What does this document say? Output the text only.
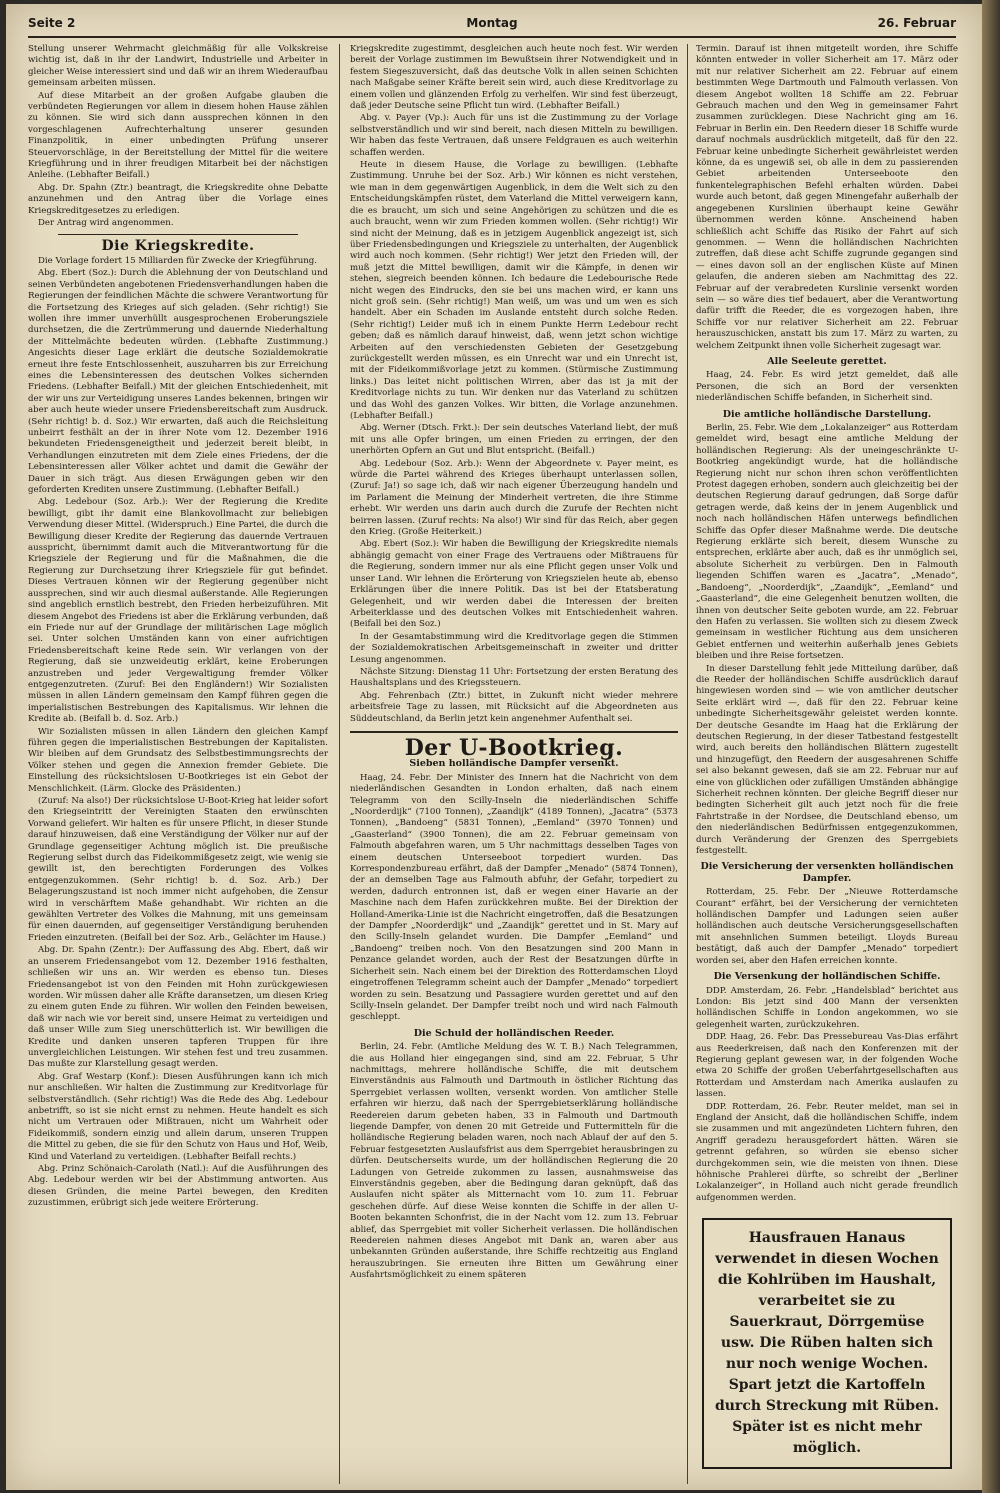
Seite 2	Montag	26. Februar

Stellung unserer Wehrmacht gleichmäßig für alle Volkskreise wichtig ist, daß in ihr der Landwirt, Industrielle und Arbeiter in gleicher Weise interessiert sind und daß wir an ihrem Wiederaufbau gemeinsam arbeiten müssen.

Auf diese Mitarbeit an der großen Aufgabe glauben die verbündeten Regierungen vor allem in diesem hohen Hause zählen zu können. Sie wird sich dann aussprechen können in den vorgeschlagenen Aufrechterhaltung unserer gesunden Finanzpolitik, in einer unbedingten Prüfung unserer Steuervorschläge, in der Bereitstellung der Mittel für die weitere Kriegführung und in ihrer freudigen Mitarbeit bei der nächstigen Anleihe. (Lebhafter Beifall.)

Abg. Dr. Spahn (Ztr.) beantragt, die Kriegskredite ohne Debatte anzunehmen und den Antrag über die Vorlage eines Kriegskreditgesetzes zu erledigen.

Der Antrag wird angenommen.

Die Kriegskredite.

Die Vorlage fordert 15 Milliarden für Zwecke der Kriegführung.

Abg. Ebert (Soz.): Durch die Ablehnung der von Deutschland und seinen Verbündeten angebotenen Friedensverhandlungen haben die Regierungen der feindlichen Mächte die schwere Verantwortung für die Fortsetzung des Krieges auf sich geladen. (Sehr richtig!) Sie wollen ihre immer unverhüllt ausgesprochenen Eroberungsziele durchsetzen, die die Zertrümmerung und dauernde Niederhaltung der Mittelmächte bedeuten würden. (Lebhafte Zustimmung.) Angesichts dieser Lage erklärt die deutsche Sozialdemokratie erneut ihre feste Entschlossenheit, auszuharren bis zur Erreichung eines die Lebensinteressen des deutschen Volkes sichernden Friedens. (Lebhafter Beifall.) Mit der gleichen Entschiedenheit, mit der wir uns zur Verteidigung unseres Landes bekennen, bringen wir aber auch heute wieder unsere Friedensbereitschaft zum Ausdruck. (Sehr richtig! b. d. Soz.) Wir erwarten, daß auch die Reichsleitung unbeirrt festhält an der in ihrer Note vom 12. Dezember 1916 bekundeten Friedensgeneigtheit und jederzeit bereit bleibt, in Verhandlungen einzutreten mit dem Ziele eines Friedens, der die Lebensinteressen aller Völker achtet und damit die Gewähr der Dauer in sich trägt. Aus diesen Erwägungen geben wir den geforderten Krediten unsere Zustimmung. (Lebhafter Beifall.)

Abg. Ledebour (Soz. Arb.): Wer der Regierung die Kredite bewilligt, gibt ihr damit eine Blankovollmacht zur beliebigen Verwendung dieser Mittel. (Widerspruch.) Eine Partei, die durch die Bewilligung dieser Kredite der Regierung das dauernde Vertrauen ausspricht, übernimmt damit auch die Mitverantwortung für die Kriegsziele der Regierung und für die Maßnahmen, die die Regierung zur Durchsetzung ihrer Kriegsziele für gut befindet. Dieses Vertrauen können wir der Regierung gegenüber nicht aussprechen, sind wir auch diesmal außerstande. Alle Regierungen sind angeblich ernstlich bestrebt, den Frieden herbeizuführen. Mit diesem Angebot des Friedens ist aber die Erklärung verbunden, daß ein Friede nur auf der Grundlage der militärischen Lage möglich sei. Unter solchen Umständen kann von einer aufrichtigen Friedensbereitschaft keine Rede sein. Wir verlangen von der Regierung, daß sie unzweideutig erklärt, keine Eroberungen anzustreben und jeder Vergewaltigung fremder Völker entgegenzutreten. (Zuruf: Bei den Engländern!) Wir Sozialisten müssen in allen Ländern gemeinsam den Kampf führen gegen die imperialistischen Bestrebungen des Kapitalismus. Wir lehnen die Kredite ab. (Beifall b. d. Soz. Arb.)

Wir Sozialisten müssen in allen Ländern den gleichen Kampf führen gegen die imperialistischen Bestrebungen der Kapitalisten. Wir bleiben auf dem Grundsatz des Selbstbestimmungsrechts der Völker stehen und gegen die Annexion fremder Gebiete. Die Einstellung des rücksichtslosen U-Bootkrieges ist ein Gebot der Menschlichkeit. (Lärm. Glocke des Präsidenten.)

(Zuruf: Na also!) Der rücksichtslose U-Boot-Krieg hat leider sofort den Kriegseintritt der Vereinigten Staaten den erwünschten Vorwand geliefert. Wir halten es für unsere Pflicht, in dieser Stunde darauf hinzuweisen, daß eine Verständigung der Völker nur auf der Grundlage gegenseitiger Achtung möglich ist. Die preußische Regierung selbst durch das Fideikommißgesetz zeigt, wie wenig sie gewillt ist, den berechtigten Forderungen des Volkes entgegenzukommen. (Sehr richtig! b. d. Soz. Arb.) Der Belagerungszustand ist noch immer nicht aufgehoben, die Zensur wird in verschärftem Maße gehandhabt. Wir richten an die gewählten Vertreter des Volkes die Mahnung, mit uns gemeinsam für einen dauernden, auf gegenseitiger Verständigung beruhenden Frieden einzutreten. (Beifall bei der Soz. Arb., Gelächter im Hause.)

Abg. Dr. Spahn (Zentr.): Der Auffassung des Abg. Ebert, daß wir an unserem Friedensangebot vom 12. Dezember 1916 festhalten, schließen wir uns an. Wir werden es ebenso tun. Dieses Friedensangebot ist von den Feinden mit Hohn zurückgewiesen worden. Wir müssen daher alle Kräfte daransetzen, um diesen Krieg zu einem guten Ende zu führen. Wir wollen den Feinden beweisen, daß wir nach wie vor bereit sind, unsere Heimat zu verteidigen und daß unser Wille zum Sieg unerschütterlich ist. Wir bewilligen die Kredite und danken unseren tapferen Truppen für ihre unvergleichlichen Leistungen. Wir stehen fest und treu zusammen. Das mußte zur Klarstellung gesagt werden.

Abg. Graf Westarp (Konf.): Diesen Ausführungen kann ich mich nur anschließen. Wir halten die Zustimmung zur Kreditvorlage für selbstverständlich. (Sehr richtig!) Was die Rede des Abg. Ledebour anbetrifft, so ist sie nicht ernst zu nehmen. Heute handelt es sich nicht um Vertrauen oder Mißtrauen, nicht um Wahrheit oder Fideikommiß, sondern einzig und allein darum, unseren Truppen die Mittel zu geben, die sie für den Schutz von Haus und Hof, Weib, Kind und Vaterland zu verteidigen. (Lebhafter Beifall rechts.)

Abg. Prinz Schönaich-Carolath (Natl.): Auf die Ausführungen des Abg. Ledebour werden wir bei der Abstimmung antworten. Aus diesen Gründen, die meine Partei bewegen, den Krediten zuzustimmen, erübrigt sich jede weitere Erörterung.

Kriegskredite zugestimmt, desgleichen auch heute noch fest. Wir werden bereit der Vorlage zustimmen im Bewußtsein ihrer Notwendigkeit und in festem Siegeszuversicht, daß das deutsche Volk in allen seinen Schichten nach Maßgabe seiner Kräfte bereit sein wird, auch diese Kreditvorlage zu einem vollen und glänzenden Erfolg zu verhelfen. Wir sind fest überzeugt, daß jeder Deutsche seine Pflicht tun wird. (Lebhafter Beifall.)

Abg. v. Payer (Vp.): Auch für uns ist die Zustimmung zu der Vorlage selbstverständlich und wir sind bereit, nach diesen Mitteln zu bewilligen. Wir haben das feste Vertrauen, daß unsere Feldgrauen es auch weiterhin schaffen werden.

Heute in diesem Hause, die Vorlage zu bewilligen. (Lebhafte Zustimmung. Unruhe bei der Soz. Arb.) Wir können es nicht verstehen, wie man in dem gegenwärtigen Augenblick, in dem die Welt sich zu den Entscheidungskämpfen rüstet, dem Vaterland die Mittel verweigern kann, die es braucht, um sich und seine Angehörigen zu schützen und die es auch braucht, wenn wir zum Frieden kommen wollen. (Sehr richtig!) Wir sind nicht der Meinung, daß es in jetzigem Augenblick angezeigt ist, sich über Friedensbedingungen und Kriegsziele zu unterhalten, der Augenblick wird auch noch kommen. (Sehr richtig!) Wer jetzt den Frieden will, der muß jetzt die Mittel bewilligen, damit wir die Kämpfe, in denen wir stehen, siegreich beenden können. Ich bedaure die Ledebourische Rede nicht wegen des Eindrucks, den sie bei uns machen wird, er kann uns nicht groß sein. (Sehr richtig!) Man weiß, um was und um wen es sich handelt. Aber ein Schaden im Auslande entsteht durch solche Reden. (Sehr richtig!) Leider muß ich in einem Punkte Herrn Ledebour recht geben; daß es nämlich darauf hinweist, daß, wenn jetzt schon wichtige Arbeiten auf den verschiedensten Gebieten der Gesetzgebung zurückgestellt werden müssen, es ein Unrecht war und ein Unrecht ist, mit der Fideikommißvorlage jetzt zu kommen. (Stürmische Zustimmung links.) Das leitet nicht politischen Wirren, aber das ist ja mit der Kreditvorlage nichts zu tun. Wir denken nur das Vaterland zu schützen und das Wohl des ganzen Volkes. Wir bitten, die Vorlage anzunehmen. (Lebhafter Beifall.)

Abg. Werner (Dtsch. Frkt.): Der sein deutsches Vaterland liebt, der muß mit uns alle Opfer bringen, um einen Frieden zu erringen, der den unerhörten Opfern an Gut und Blut entspricht. (Beifall.)

Abg. Ledebour (Soz. Arb.): Wenn der Abgeordnete v. Payer meint, es würde die Partei während des Krieges überhaupt unterlassen sollen, (Zuruf: Ja!) so sage ich, daß wir nach eigener Überzeugung handeln und im Parlament die Meinung der Minderheit vertreten, die ihre Stimme erhebt. Wir werden uns darin auch durch die Zurufe der Rechten nicht beirren lassen. (Zuruf rechts: Na also!) Wir sind für das Reich, aber gegen den Krieg. (Große Heiterkeit.)

Abg. Ebert (Soz.): Wir haben die Bewilligung der Kriegskredite niemals abhängig gemacht von einer Frage des Vertrauens oder Mißtrauens für die Regierung, sondern immer nur als eine Pflicht gegen unser Volk und unser Land. Wir lehnen die Erörterung von Kriegszielen heute ab, ebenso Erklärungen über die innere Politik. Das ist bei der Etatsberatung Gelegenheit, und wir werden dabei die Interessen der breiten Arbeiterklasse und des deutschen Volkes mit Entschiedenheit wahren. (Beifall bei den Soz.)

In der Gesamtabstimmung wird die Kreditvorlage gegen die Stimmen der Sozialdemokratischen Arbeitsgemeinschaft in zweiter und dritter Lesung angenommen.

Nächste Sitzung: Dienstag 11 Uhr: Fortsetzung der ersten Beratung des Haushaltsplans und des Kriegssteuern.

Abg. Fehrenbach (Ztr.) bittet, in Zukunft nicht wieder mehrere arbeitsfreie Tage zu lassen, mit Rücksicht auf die Abgeordneten aus Süddeutschland, da Berlin jetzt kein angenehmer Aufenthalt sei.

Der U-Bootkrieg.
Sieben holländische Dampfer versenkt.

Haag, 24. Febr. Der Minister des Innern hat die Nachricht von dem niederländischen Gesandten in London erhalten, daß nach einem Telegramm von den Scilly-Inseln die niederländischen Schiffe „Noorderdijk“ (7100 Tonnen), „Zaandijk“ (4189 Tonnen), „Jacatra“ (5373 Tonnen), „Bandoeng“ (5831 Tonnen), „Eemland“ (3970 Tonnen) und „Gaasterland“ (3900 Tonnen), die am 22. Februar gemeinsam von Falmouth abgefahren waren, um 5 Uhr nachmittags desselben Tages von einem deutschen Unterseeboot torpediert wurden. Das Korrespondenzbureau erfährt, daß der Dampfer „Menado“ (5874 Tonnen), der an demselben Tage aus Falmouth abfuhr, der Gefahr, torpediert zu werden, dadurch entronnen ist, daß er wegen einer Havarie an der Maschine nach dem Hafen zurückkehren mußte. Bei der Direktion der Holland-Amerika-Linie ist die Nachricht eingetroffen, daß die Besatzungen der Dampfer „Noorderdijk“ und „Zaandijk“ gerettet und in St. Mary auf den Scilly-Inseln gelandet wurden. Die Dampfer „Eemland“ und „Bandoeng“ treiben noch. Von den Besatzungen sind 200 Mann in Penzance gelandet worden, auch der Rest der Besatzungen dürfte in Sicherheit sein. Nach einem bei der Direktion des Rotterdamschen Lloyd eingetroffenen Telegramm scheint auch der Dampfer „Menado“ torpediert worden zu sein. Besatzung und Passagiere wurden gerettet und auf den Scilly-Inseln gelandet. Der Dampfer treibt noch und wird nach Falmouth geschleppt.

Die Schuld der holländischen Reeder.

Berlin, 24. Febr. (Amtliche Meldung des W. T. B.) Nach Telegrammen, die aus Holland hier eingegangen sind, sind am 22. Februar, 5 Uhr nachmittags, mehrere holländische Schiffe, die mit deutschem Einverständnis aus Falmouth und Dartmouth in östlicher Richtung das Sperrgebiet verlassen wollten, versenkt worden. Von amtlicher Stelle erfahren wir hierzu, daß nach der Sperrgebietserklärung holländische Reedereien darum gebeten haben, 33 in Falmouth und Dartmouth liegende Dampfer, von denen 20 mit Getreide und Futtermitteln für die holländische Regierung beladen waren, noch nach Ablauf der auf den 5. Februar festgesetzten Auslaufsfrist aus dem Sperrgebiet herausbringen zu dürfen. Deutscherseits wurde, um der holländischen Regierung die 20 Ladungen von Getreide zukommen zu lassen, ausnahmsweise das Einverständnis gegeben, aber die Bedingung daran geknüpft, daß das Auslaufen nicht später als Mitternacht vom 10. zum 11. Februar geschehen dürfe. Auf diese Weise konnten die Schiffe in der allen U-Booten bekannten Schonfrist, die in der Nacht vom 12. zum 13. Februar ablief, das Sperrgebiet mit voller Sicherheit verlassen. Die holländischen Reedereien nahmen dieses Angebot mit Dank an, waren aber aus unbekannten Gründen außerstande, ihre Schiffe rechtzeitig aus England herauszubringen. Sie erneuten ihre Bitten um Gewährung einer Ausfahrtsmöglichkeit zu einem späteren

Termin. Darauf ist ihnen mitgeteilt worden, ihre Schiffe könnten entweder in voller Sicherheit am 17. März oder mit nur relativer Sicherheit am 22. Februar auf einem bestimmten Wege Dartmouth und Falmouth verlassen. Von diesem Angebot wollten 18 Schiffe am 22. Februar Gebrauch machen und den Weg in gemeinsamer Fahrt zusammen zurücklegen. Diese Nachricht ging am 16. Februar in Berlin ein. Den Reedern dieser 18 Schiffe wurde darauf nochmals ausdrücklich mitgeteilt, daß für den 22. Februar keine unbedingte Sicherheit gewährleistet werden könne, da es ungewiß sei, ob alle in dem zu passierenden Gebiet arbeitenden Unterseeboote den funkentelegraphischen Befehl erhalten würden. Dabei wurde auch betont, daß gegen Minengefahr außerhalb der angegebenen Kurslinien überhaupt keine Gewähr übernommen werden könne. Anscheinend haben schließlich acht Schiffe das Risiko der Fahrt auf sich genommen. — Wenn die holländischen Nachrichten zutreffen, daß diese acht Schiffe zugrunde gegangen sind — eines davon soll an der englischen Küste auf Minen gelaufen, die anderen sieben am Nachmittag des 22. Februar auf der verabredeten Kurslinie versenkt worden sein — so wäre dies tief bedauert, aber die Verantwortung dafür trifft die Reeder, die es vorgezogen haben, ihre Schiffe vor nur relativer Sicherheit am 22. Februar herauszuschicken, anstatt bis zum 17. März zu warten, zu welchem Zeitpunkt ihnen volle Sicherheit zugesagt war.

Alle Seeleute gerettet.

Haag, 24. Febr. Es wird jetzt gemeldet, daß alle Personen, die sich an Bord der versenkten niederländischen Schiffe befanden, in Sicherheit sind.

Die amtliche holländische Darstellung.

Berlin, 25. Febr. Wie dem „Lokalanzeiger“ aus Rotterdam gemeldet wird, besagt eine amtliche Meldung der holländischen Regierung: Als der uneingeschränkte U-Bootkrieg angekündigt wurde, hat die holländische Regierung nicht nur schon ihren schon veröffentlichten Protest dagegen erhoben, sondern auch gleichzeitig bei der deutschen Regierung darauf gedrungen, daß Sorge dafür getragen werde, daß keins der in jenem Augenblick und noch nach holländischen Häfen unterwegs befindlichen Schiffe das Opfer dieser Maßnahme werde. Die deutsche Regierung erklärte sich bereit, diesem Wunsche zu entsprechen, erklärte aber auch, daß es ihr unmöglich sei, absolute Sicherheit zu verbürgen. Den in Falmouth liegenden Schiffen waren es „Jacatra“, „Menado“, „Bandoeng“, „Noorderdijk“, „Zaandijk“, „Eemland“ und „Gaasterland“, die eine Gelegenheit benutzen wollten, die ihnen von deutscher Seite geboten wurde, am 22. Februar den Hafen zu verlassen. Sie wollten sich zu diesem Zweck gemeinsam in westlicher Richtung aus dem unsicheren Gebiet entfernen und weiterhin außerhalb jenes Gebiets bleiben und ihre Reise fortsetzen.

In dieser Darstellung fehlt jede Mitteilung darüber, daß die Reeder der holländischen Schiffe ausdrücklich darauf hingewiesen worden sind — wie von amtlicher deutscher Seite erklärt wird —, daß für den 22. Februar keine unbedingte Sicherheitsgewähr geleistet werden konnte. Der deutsche Gesandte im Haag hat die Erklärung der deutschen Regierung, in der dieser Tatbestand festgestellt wird, auch bereits den holländischen Blättern zugestellt und hinzugefügt, den Reedern der ausgesahrenen Schiffe sei also bekannt gewesen, daß sie am 22. Februar nur auf eine von glücklichen oder zufälligen Umständen abhängige Sicherheit rechnen könnten. Der gleiche Begriff dieser nur bedingten Sicherheit gilt auch jetzt noch für die freie Fahrtstraße in der Nordsee, die Deutschland ebenso, um den niederländischen Bedürfnissen entgegenzukommen, durch Veränderung der Grenzen des Sperrgebiets festgestellt.

Die Versicherung der versenkten holländischen Dampfer.

Rotterdam, 25. Febr. Der „Nieuwe Rotterdamsche Courant“ erfährt, bei der Versicherung der vernichteten holländischen Dampfer und Ladungen seien außer holländischen auch deutsche Versicherungsgesellschaften mit ansehnlichen Summen beteiligt. Lloyds Bureau bestätigt, daß auch der Dampfer „Menado“ torpediert worden sei, aber den Hafen erreichen konnte.

Die Versenkung der holländischen Schiffe.

DDP. Amsterdam, 26. Febr. „Handelsblad“ berichtet aus London: Bis jetzt sind 400 Mann der versenkten holländischen Schiffe in London angekommen, wo sie gelegenheit warten, zurückzukehren.

DDP. Haag, 26. Febr. Das Pressebureau Vas-Dias erfährt aus Reederkreisen, daß nach den Konferenzen mit der Regierung geplant gewesen war, in der folgenden Woche etwa 20 Schiffe der großen Ueberfahrtgesellschaften aus Rotterdam und Amsterdam nach Amerika auslaufen zu lassen.

DDP. Rotterdam, 26. Febr. Reuter meldet, man sei in England der Ansicht, daß die holländischen Schiffe, indem sie zusammen und mit angezündeten Lichtern fuhren, den Angriff geradezu herausgefordert hätten. Wären sie getrennt gefahren, so würden sie ebenso sicher durchgekommen sein, wie die meisten von ihnen. Diese höhnische Prahlerei dürfte, so schreibt der „Berliner Lokalanzeiger“, in Holland auch nicht gerade freundlich aufgenommen werden.

Hausfrauen Hanaus verwendet in diesen Wochen die Kohlrüben im Haushalt, verarbeitet sie zu Sauerkraut, Dörrgemüse usw. Die Rüben halten sich nur noch wenige Wochen. Spart jetzt die Kartoffeln durch Streckung mit Rüben. Später ist es nicht mehr möglich.
